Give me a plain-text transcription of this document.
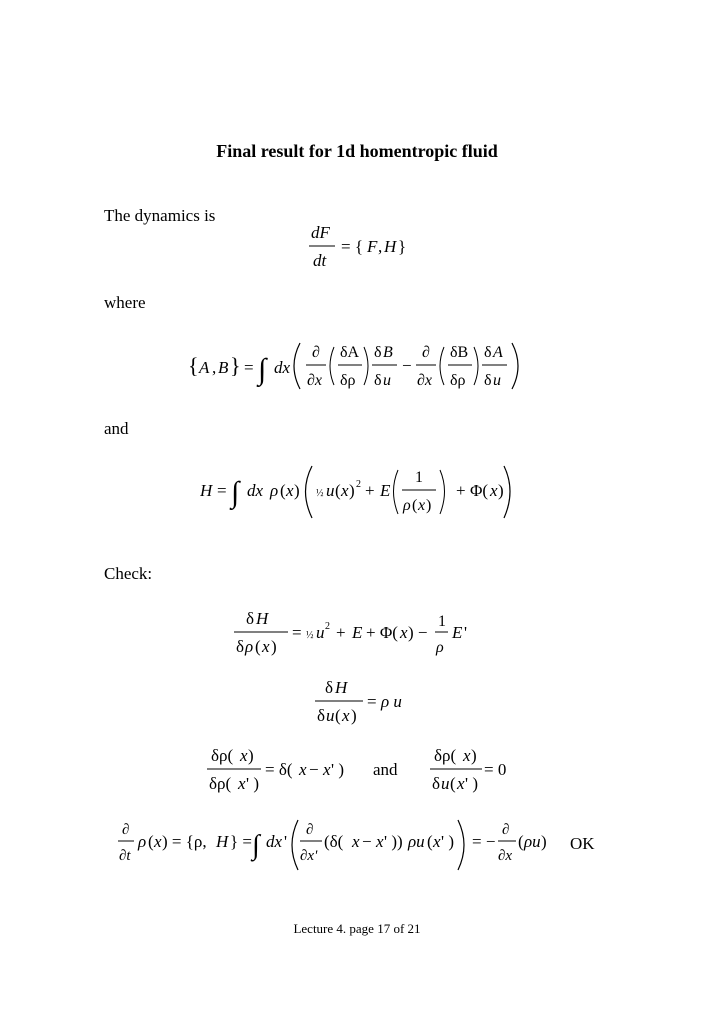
Final result for 1d homentropic fluid
The dynamics is
dF
dt
= { F , H }
where
{ A , B } = ∫ dx
∂
∂x
δA
δρ
δ B
δ u
−
∂
∂x
δB
δρ
δ A
δ u
and
H = ∫ dx ρ ( x ) ½ u ( x ) 2 + E
1
ρ ( x )
+ Φ( x )
Check:
δ H
δ ρ ( x )
= ½ u 2 + E + Φ( x ) −
1
ρ
E '
δ H
δ u ( x )
= ρ u
δρ( x )
δρ( x ' )
= δ( x − x ' ) and
δρ( x )
δ u ( x ' )
= 0
∂
∂t
ρ ( x ) = {ρ, H } = ∫ dx '
∂
∂x'
(δ( x − x ' )) ρu ( x ' ) = −
∂
∂x
( ρu ) OK
Lecture 4. page 17 of 21
